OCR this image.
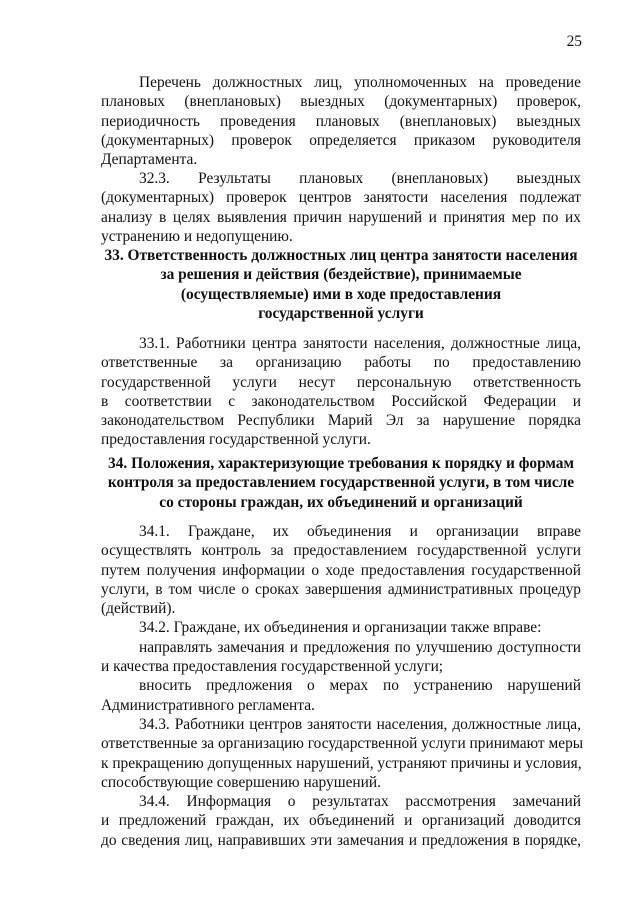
25
Перечень должностных лиц, уполномоченных на проведение
плановых (внеплановых) выездных (документарных) проверок,
периодичность проведения плановых (внеплановых) выездных
(документарных) проверок определяется приказом руководителя
Департамента.
32.3. Результаты плановых (внеплановых) выездных
(документарных) проверок центров занятости населения подлежат
анализу в целях выявления причин нарушений и принятия мер по их
устранению и недопущению.
33. Ответственность должностных лиц центра занятости населения
за решения и действия (бездействие), принимаемые
(осуществляемые) ими в ходе предоставления
государственной услуги
33.1. Работники центра занятости населения, должностные лица,
ответственные за организацию работы по предоставлению
государственной услуги несут персональную ответственность
в соответствии с законодательством Российской Федерации и
законодательством Республики Марий Эл за нарушение порядка
предоставления государственной услуги.
34. Положения, характеризующие требования к порядку и формам
контроля за предоставлением государственной услуги, в том числе
со стороны граждан, их объединений и организаций
34.1. Граждане, их объединения и организации вправе
осуществлять контроль за предоставлением государственной услуги
путем получения информации о ходе предоставления государственной
услуги, в том числе о сроках завершения административных процедур
(действий).
34.2. Граждане, их объединения и организации также вправе:
направлять замечания и предложения по улучшению доступности
и качества предоставления государственной услуги;
вносить предложения о мерах по устранению нарушений
Административного регламента.
34.3. Работники центров занятости населения, должностные лица,
ответственные за организацию государственной услуги принимают меры
к прекращению допущенных нарушений, устраняют причины и условия,
способствующие совершению нарушений.
34.4. Информация о результатах рассмотрения замечаний
и предложений граждан, их объединений и организаций доводится
до сведения лиц, направивших эти замечания и предложения в порядке,
